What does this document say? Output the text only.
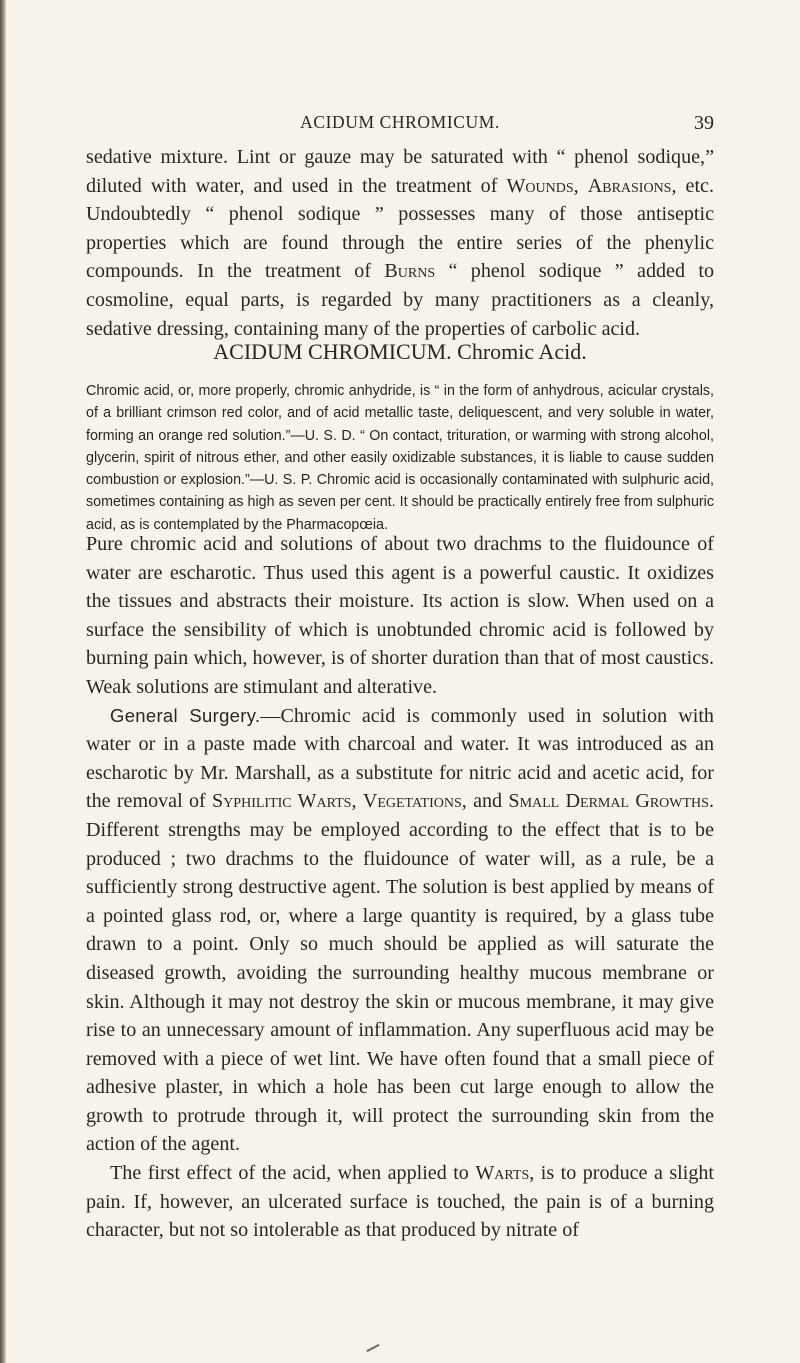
ACIDUM CHROMICUM.	39

sedative mixture. Lint or gauze may be saturated with “ phenol sodique,” diluted with water, and used in the treatment of Wounds, Abrasions, etc. Undoubtedly “ phenol sodique ” possesses many of those antiseptic properties which are found through the entire series of the phenylic compounds. In the treatment of Burns “ phenol sodique ” added to cosmoline, equal parts, is regarded by many practitioners as a cleanly, sedative dressing, containing many of the properties of carbolic acid.

ACIDUM CHROMICUM. Chromic Acid.

Chromic acid, or, more properly, chromic anhydride, is “ in the form of anhydrous, acicular crystals, of a brilliant crimson red color, and of acid metallic taste, deliquescent, and very soluble in water, forming an orange red solution.”—U. S. D. “ On contact, trituration, or warming with strong alcohol, glycerin, spirit of nitrous ether, and other easily oxidizable substances, it is liable to cause sudden combustion or explosion.”—U. S. P. Chromic acid is occasionally contaminated with sulphuric acid, sometimes containing as high as seven per cent. It should be practically entirely free from sulphuric acid, as is contemplated by the Pharmacopœia.

Pure chromic acid and solutions of about two drachms to the fluidounce of water are escharotic. Thus used this agent is a powerful caustic. It oxidizes the tissues and abstracts their moisture. Its action is slow. When used on a surface the sensibility of which is unobtunded chromic acid is followed by burning pain which, however, is of shorter duration than that of most caustics. Weak solutions are stimulant and alterative.

General Surgery.—Chromic acid is commonly used in solution with water or in a paste made with charcoal and water. It was introduced as an escharotic by Mr. Marshall, as a substitute for nitric acid and acetic acid, for the removal of Syphilitic Warts, Vegetations, and Small Dermal Growths. Different strengths may be employed according to the effect that is to be produced ; two drachms to the fluidounce of water will, as a rule, be a sufficiently strong destructive agent. The solution is best applied by means of a pointed glass rod, or, where a large quantity is required, by a glass tube drawn to a point. Only so much should be applied as will saturate the diseased growth, avoiding the surrounding healthy mucous membrane or skin. Although it may not destroy the skin or mucous membrane, it may give rise to an unnecessary amount of inflammation. Any superfluous acid may be removed with a piece of wet lint. We have often found that a small piece of adhesive plaster, in which a hole has been cut large enough to allow the growth to protrude through it, will protect the surrounding skin from the action of the agent.

The first effect of the acid, when applied to Warts, is to produce a slight pain. If, however, an ulcerated surface is touched, the pain is of a burning character, but not so intolerable as that produced by nitrate of
